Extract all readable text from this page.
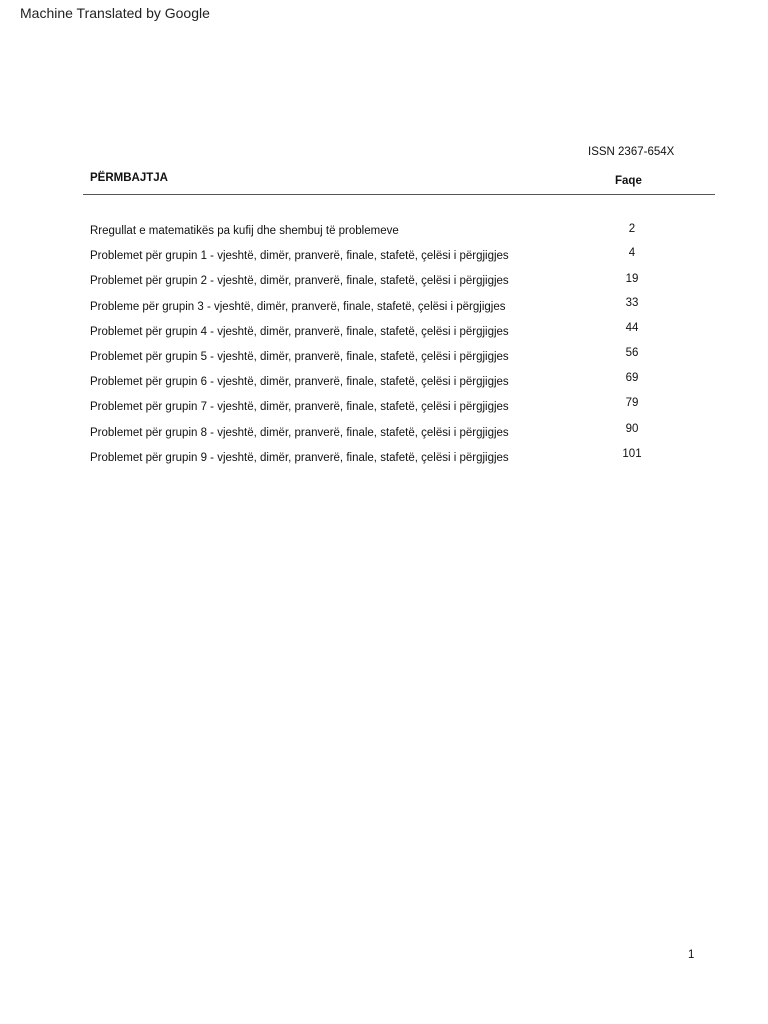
Machine Translated by Google
ISSN 2367-654X
PËRMBAJTJA	Faqe
Rregullat e matematikës pa kufij dhe shembuj të problemeve	2
Problemet për grupin 1 - vjeshtë, dimër, pranverë, finale, stafetë, çelësi i përgjigjes	4
Problemet për grupin 2 - vjeshtë, dimër, pranverë, finale, stafetë, çelësi i përgjigjes	19
Probleme për grupin 3 - vjeshtë, dimër, pranverë, finale, stafetë, çelësi i përgjigjes	33
Problemet për grupin 4 - vjeshtë, dimër, pranverë, finale, stafetë, çelësi i përgjigjes	44
Problemet për grupin 5 - vjeshtë, dimër, pranverë, finale, stafetë, çelësi i përgjigjes	56
Problemet për grupin 6 - vjeshtë, dimër, pranverë, finale, stafetë, çelësi i përgjigjes	69
Problemet për grupin 7 - vjeshtë, dimër, pranverë, finale, stafetë, çelësi i përgjigjes	79
Problemet për grupin 8 - vjeshtë, dimër, pranverë, finale, stafetë, çelësi i përgjigjes	90
Problemet për grupin 9 - vjeshtë, dimër, pranverë, finale, stafetë, çelësi i përgjigjes	101
1
